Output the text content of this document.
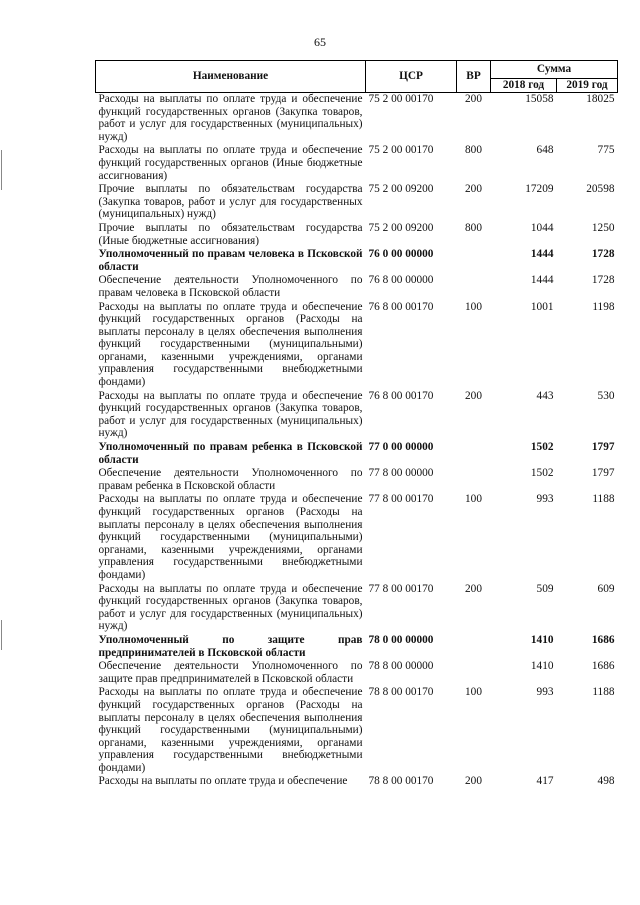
65
Наименование	ЦСР	ВР	Сумма	
			2018 год	2019 год
Расходы на выплаты по оплате труда и обеспечение функций государственных органов (Закупка товаров, работ и услуг для государственных (муниципальных) нужд)	75 2 00 00170	200	15058	18025
Расходы на выплаты по оплате труда и обеспечение функций государственных органов (Иные бюджетные ассигнования)	75 2 00 00170	800	648	775
Прочие выплаты по обязательствам государства (Закупка товаров, работ и услуг для государственных (муниципальных) нужд)	75 2 00 09200	200	17209	20598
Прочие выплаты по обязательствам государства (Иные бюджетные ассигнования)	75 2 00 09200	800	1044	1250
Уполномоченный по правам человека в Псковской области	76 0 00 00000		1444	1728
Обеспечение деятельности Уполномоченного по правам человека в Псковской области	76 8 00 00000		1444	1728
Расходы на выплаты по оплате труда и обеспечение функций государственных органов (Расходы на выплаты персоналу в целях обеспечения выполнения функций государственными (муниципальными) органами, казенными учреждениями, органами управления государственными внебюджетными фондами)	76 8 00 00170	100	1001	1198
Расходы на выплаты по оплате труда и обеспечение функций государственных органов (Закупка товаров, работ и услуг для государственных (муниципальных) нужд)	76 8 00 00170	200	443	530
Уполномоченный по правам ребенка в Псковской области	77 0 00 00000		1502	1797
Обеспечение деятельности Уполномоченного по правам ребенка в Псковской области	77 8 00 00000		1502	1797
Расходы на выплаты по оплате труда и обеспечение функций государственных органов (Расходы на выплаты персоналу в целях обеспечения выполнения функций государственными (муниципальными) органами, казенными учреждениями, органами управления государственными внебюджетными фондами)	77 8 00 00170	100	993	1188
Расходы на выплаты по оплате труда и обеспечение функций государственных органов (Закупка товаров, работ и услуг для государственных (муниципальных) нужд)	77 8 00 00170	200	509	609
Уполномоченный по защите прав предпринимателей в Псковской области	78 0 00 00000		1410	1686
Обеспечение деятельности Уполномоченного по защите прав предпринимателей в Псковской области	78 8 00 00000		1410	1686
Расходы на выплаты по оплате труда и обеспечение функций государственных органов (Расходы на выплаты персоналу в целях обеспечения выполнения функций государственными (муниципальными) органами, казенными учреждениями, органами управления государственными внебюджетными фондами)	78 8 00 00170	100	993	1188
Расходы на выплаты по оплате труда и обеспечение	78 8 00 00170	200	417	498
